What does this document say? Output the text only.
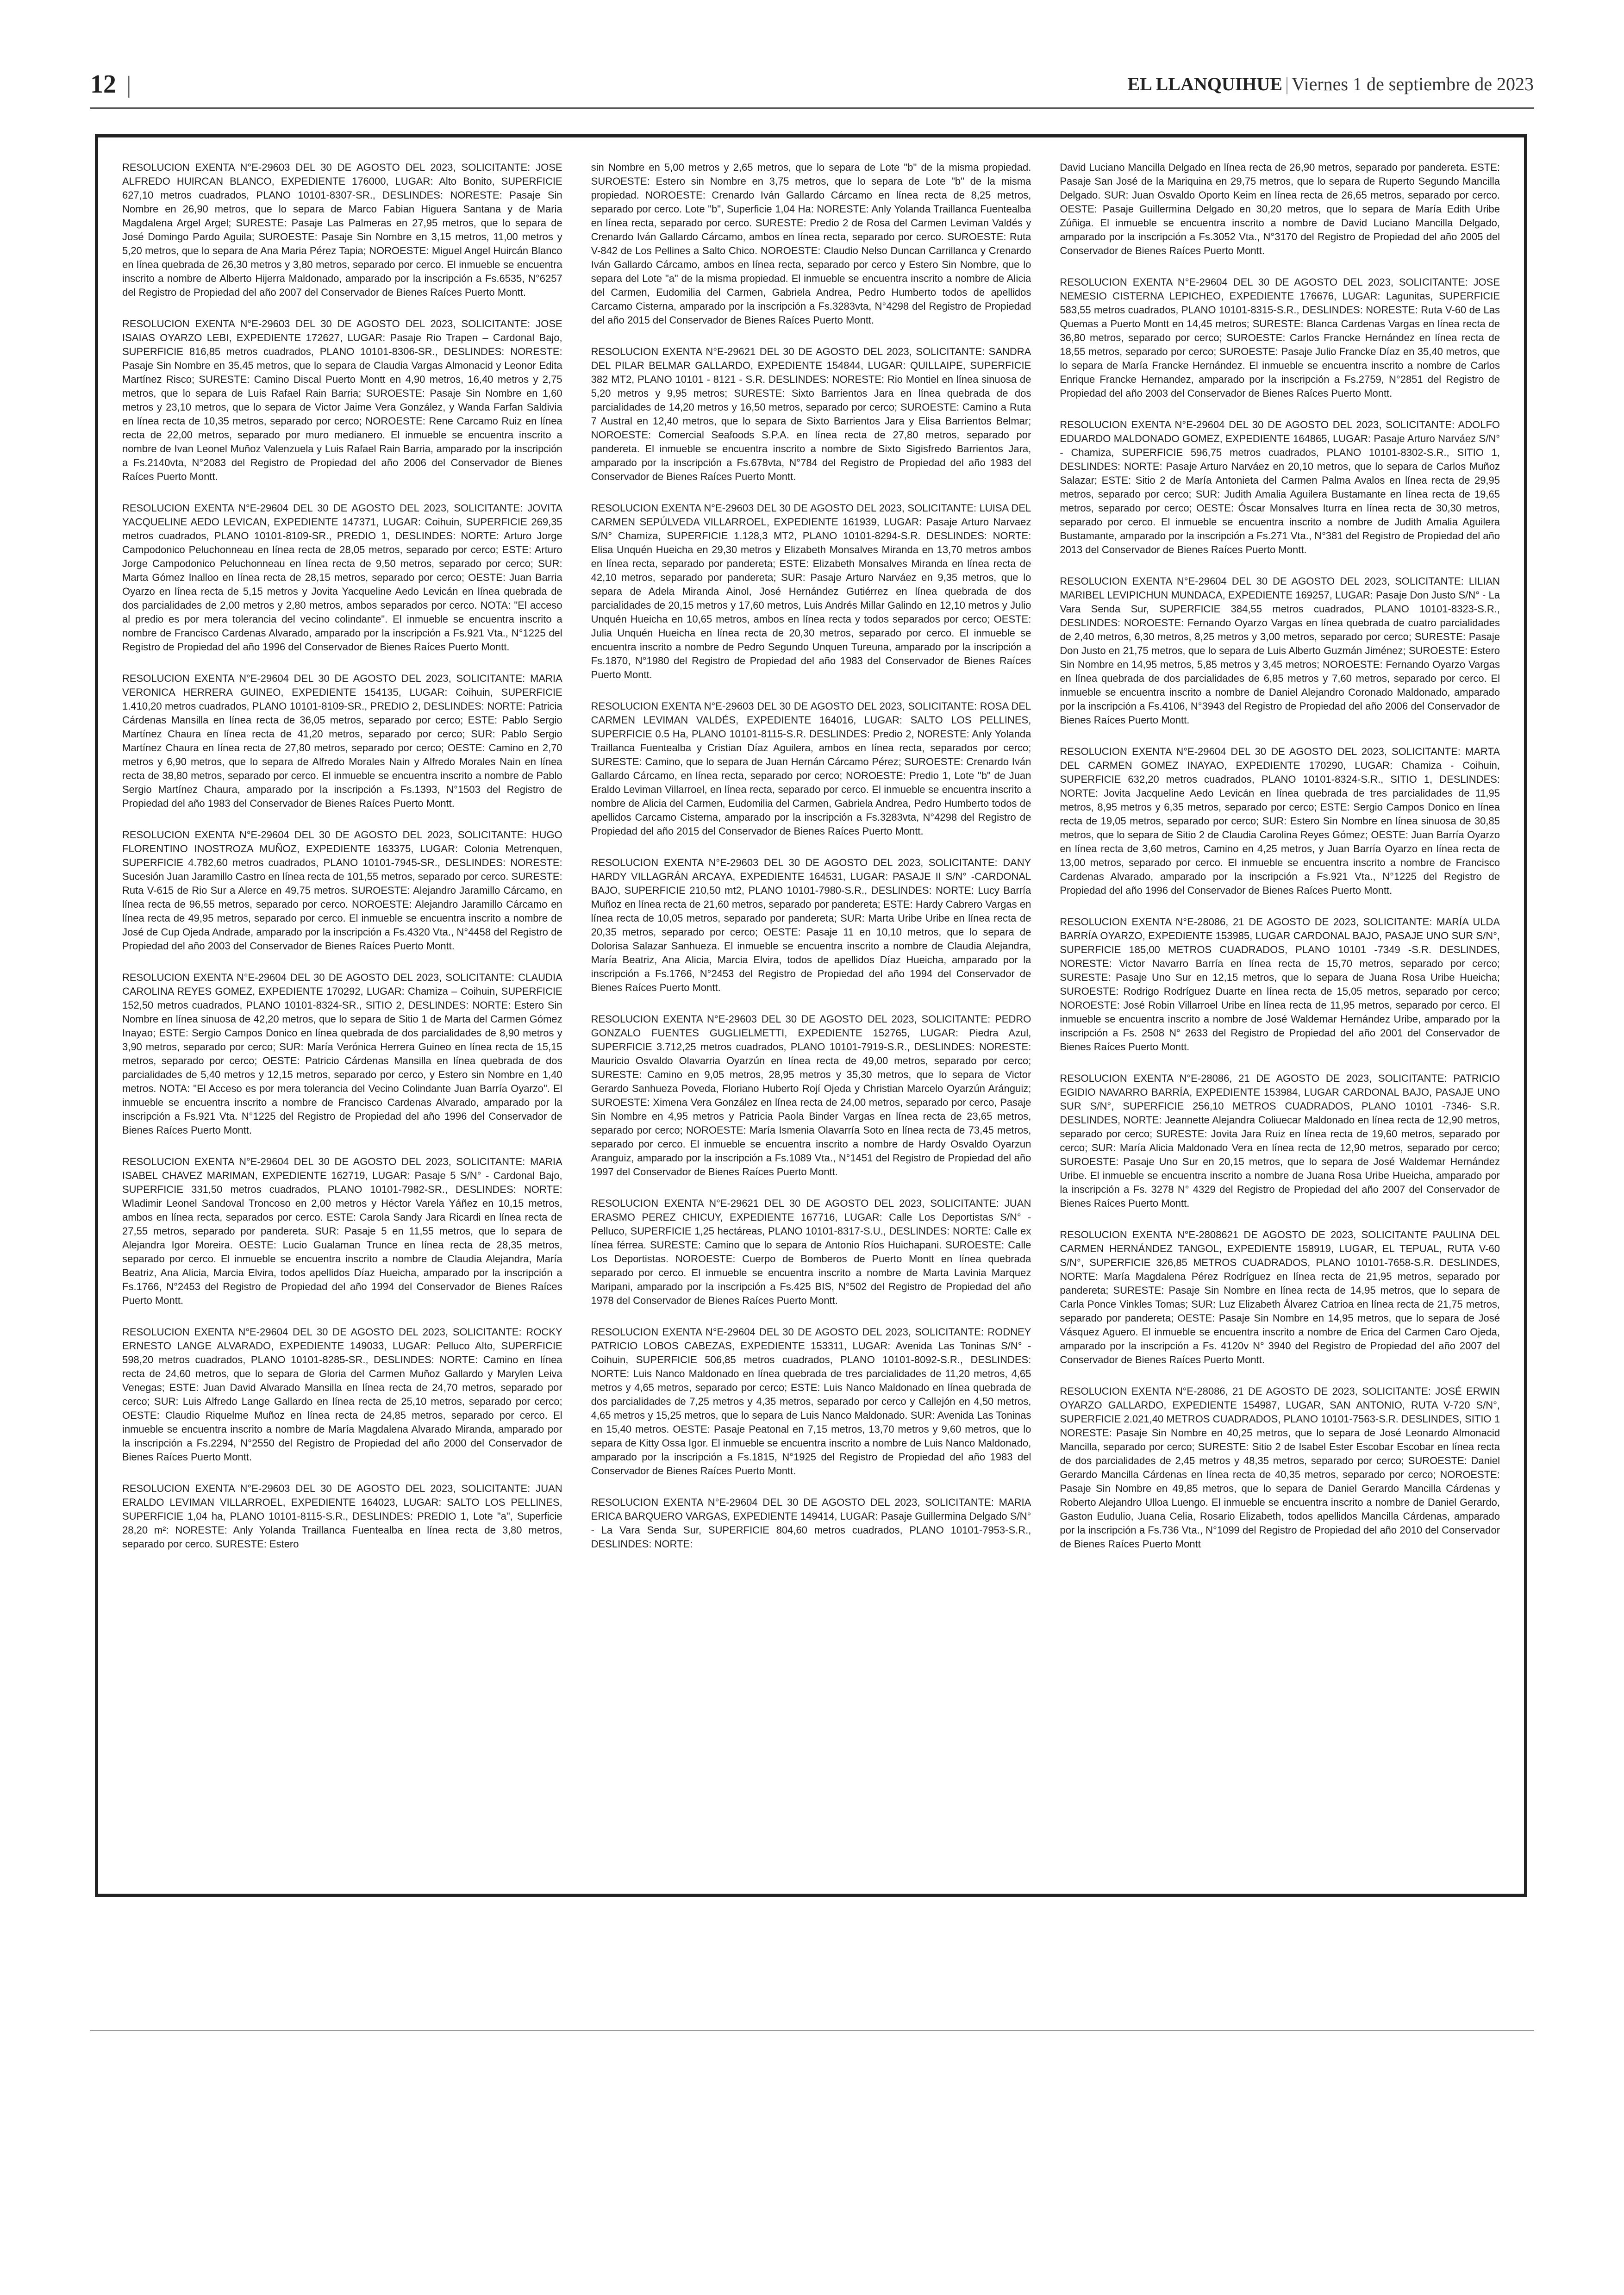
12 |	EL LLANQUIHUE | Viernes 1 de septiembre de 2023

RESOLUCION EXENTA N°E-29603 DEL 30 DE AGOSTO DEL 2023, SOLICITANTE: JOSE ALFREDO HUIRCAN BLANCO, EXPEDIENTE 176000, LUGAR: Alto Bonito, SUPERFICIE 627,10 metros cuadrados, PLANO 10101-8307-SR., DESLINDES: NORESTE: Pasaje Sin Nombre en 26,90 metros, que lo separa de Marco Fabian Higuera Santana y de Maria Magdalena Argel Argel; SURESTE: Pasaje Las Palmeras en 27,95 metros, que lo separa de José Domingo Pardo Aguila; SUROESTE: Pasaje Sin Nombre en 3,15 metros, 11,00 metros y 5,20 metros, que lo separa de Ana Maria Pérez Tapia; NOROESTE: Miguel Angel Huircán Blanco en línea quebrada de 26,30 metros y 3,80 metros, separado por cerco. El inmueble se encuentra inscrito a nombre de Alberto Hijerra Maldonado, amparado por la inscripción a Fs.6535, N°6257 del Registro de Propiedad del año 2007 del Conservador de Bienes Raíces Puerto Montt.

RESOLUCION EXENTA N°E-29603 DEL 30 DE AGOSTO DEL 2023, SOLICITANTE: JOSE ISAIAS OYARZO LEBI, EXPEDIENTE 172627, LUGAR: Pasaje Rio Trapen – Cardonal Bajo, SUPERFICIE 816,85 metros cuadrados, PLANO 10101-8306-SR., DESLINDES: NORESTE: Pasaje Sin Nombre en 35,45 metros, que lo separa de Claudia Vargas Almonacid y Leonor Edita Martínez Risco; SURESTE: Camino Discal Puerto Montt en 4,90 metros, 16,40 metros y 2,75 metros, que lo separa de Luis Rafael Rain Barria; SUROESTE: Pasaje Sin Nombre en 1,60 metros y 23,10 metros, que lo separa de Victor Jaime Vera González, y Wanda Farfan Saldivia en línea recta de 10,35 metros, separado por cerco; NOROESTE: Rene Carcamo Ruiz en línea recta de 22,00 metros, separado por muro medianero. El inmueble se encuentra inscrito a nombre de Ivan Leonel Muñoz Valenzuela y Luis Rafael Rain Barria, amparado por la inscripción a Fs.2140vta, N°2083 del Registro de Propiedad del año 2006 del Conservador de Bienes Raíces Puerto Montt.

RESOLUCION EXENTA N°E-29604 DEL 30 DE AGOSTO DEL 2023, SOLICITANTE: JOVITA YACQUELINE AEDO LEVICAN, EXPEDIENTE 147371, LUGAR: Coihuin, SUPERFICIE 269,35 metros cuadrados, PLANO 10101-8109-SR., PREDIO 1, DESLINDES: NORTE: Arturo Jorge Campodonico Peluchonneau en línea recta de 28,05 metros, separado por cerco; ESTE: Arturo Jorge Campodonico Peluchonneau en línea recta de 9,50 metros, separado por cerco; SUR: Marta Gómez Inalloo en línea recta de 28,15 metros, separado por cerco; OESTE: Juan Barria Oyarzo en línea recta de 5,15 metros y Jovita Yacqueline Aedo Levicán en línea quebrada de dos parcialidades de 2,00 metros y 2,80 metros, ambos separados por cerco. NOTA: "El acceso al predio es por mera tolerancia del vecino colindante". El inmueble se encuentra inscrito a nombre de Francisco Cardenas Alvarado, amparado por la inscripción a Fs.921 Vta., N°1225 del Registro de Propiedad del año 1996 del Conservador de Bienes Raíces Puerto Montt.

RESOLUCION EXENTA N°E-29604 DEL 30 DE AGOSTO DEL 2023, SOLICITANTE: MARIA VERONICA HERRERA GUINEO, EXPEDIENTE 154135, LUGAR: Coihuin, SUPERFICIE 1.410,20 metros cuadrados, PLANO 10101-8109-SR., PREDIO 2, DESLINDES: NORTE: Patricia Cárdenas Mansilla en línea recta de 36,05 metros, separado por cerco; ESTE: Pablo Sergio Martínez Chaura en línea recta de 41,20 metros, separado por cerco; SUR: Pablo Sergio Martínez Chaura en línea recta de 27,80 metros, separado por cerco; OESTE: Camino en 2,70 metros y 6,90 metros, que lo separa de Alfredo Morales Nain y Alfredo Morales Nain en línea recta de 38,80 metros, separado por cerco. El inmueble se encuentra inscrito a nombre de Pablo Sergio Martínez Chaura, amparado por la inscripción a Fs.1393, N°1503 del Registro de Propiedad del año 1983 del Conservador de Bienes Raíces Puerto Montt.

RESOLUCION EXENTA N°E-29604 DEL 30 DE AGOSTO DEL 2023, SOLICITANTE: HUGO FLORENTINO INOSTROZA MUÑOZ, EXPEDIENTE 163375, LUGAR: Colonia Metrenquen, SUPERFICIE 4.782,60 metros cuadrados, PLANO 10101-7945-SR., DESLINDES: NORESTE: Sucesión Juan Jaramillo Castro en línea recta de 101,55 metros, separado por cerco. SURESTE: Ruta V-615 de Rio Sur a Alerce en 49,75 metros. SUROESTE: Alejandro Jaramillo Cárcamo, en línea recta de 96,55 metros, separado por cerco. NOROESTE: Alejandro Jaramillo Cárcamo en línea recta de 49,95 metros, separado por cerco. El inmueble se encuentra inscrito a nombre de José de Cup Ojeda Andrade, amparado por la inscripción a Fs.4320 Vta., N°4458 del Registro de Propiedad del año 2003 del Conservador de Bienes Raíces Puerto Montt.

RESOLUCION EXENTA N°E-29604 DEL 30 DE AGOSTO DEL 2023, SOLICITANTE: CLAUDIA CAROLINA REYES GOMEZ, EXPEDIENTE 170292, LUGAR: Chamiza – Coihuin, SUPERFICIE 152,50 metros cuadrados, PLANO 10101-8324-SR., SITIO 2, DESLINDES: NORTE: Estero Sin Nombre en línea sinuosa de 42,20 metros, que lo separa de Sitio 1 de Marta del Carmen Gómez Inayao; ESTE: Sergio Campos Donico en línea quebrada de dos parcialidades de 8,90 metros y 3,90 metros, separado por cerco; SUR: María Verónica Herrera Guineo en línea recta de 15,15 metros, separado por cerco; OESTE: Patricio Cárdenas Mansilla en línea quebrada de dos parcialidades de 5,40 metros y 12,15 metros, separado por cerco, y Estero sin Nombre en 1,40 metros. NOTA: "El Acceso es por mera tolerancia del Vecino Colindante Juan Barría Oyarzo". El inmueble se encuentra inscrito a nombre de Francisco Cardenas Alvarado, amparado por la inscripción a Fs.921 Vta. N°1225 del Registro de Propiedad del año 1996 del Conservador de Bienes Raíces Puerto Montt.

RESOLUCION EXENTA N°E-29604 DEL 30 DE AGOSTO DEL 2023, SOLICITANTE: MARIA ISABEL CHAVEZ MARIMAN, EXPEDIENTE 162719, LUGAR: Pasaje 5 S/N° - Cardonal Bajo, SUPERFICIE 331,50 metros cuadrados, PLANO 10101-7982-SR., DESLINDES: NORTE: Wladimir Leonel Sandoval Troncoso en 2,00 metros y Héctor Varela Yáñez en 10,15 metros, ambos en línea recta, separados por cerco. ESTE: Carola Sandy Jara Ricardi en línea recta de 27,55 metros, separado por pandereta. SUR: Pasaje 5 en 11,55 metros, que lo separa de Alejandra Igor Moreira. OESTE: Lucio Gualaman Trunce en línea recta de 28,35 metros, separado por cerco. El inmueble se encuentra inscrito a nombre de Claudia Alejandra, María Beatriz, Ana Alicia, Marcia Elvira, todos apellidos Díaz Hueicha, amparado por la inscripción a Fs.1766, N°2453 del Registro de Propiedad del año 1994 del Conservador de Bienes Raíces Puerto Montt.

RESOLUCION EXENTA N°E-29604 DEL 30 DE AGOSTO DEL 2023, SOLICITANTE: ROCKY ERNESTO LANGE ALVARADO, EXPEDIENTE 149033, LUGAR: Pelluco Alto, SUPERFICIE 598,20 metros cuadrados, PLANO 10101-8285-SR., DESLINDES: NORTE: Camino en línea recta de 24,60 metros, que lo separa de Gloria del Carmen Muñoz Gallardo y Marylen Leiva Venegas; ESTE: Juan David Alvarado Mansilla en línea recta de 24,70 metros, separado por cerco; SUR: Luis Alfredo Lange Gallardo en línea recta de 25,10 metros, separado por cerco; OESTE: Claudio Riquelme Muñoz en línea recta de 24,85 metros, separado por cerco. El inmueble se encuentra inscrito a nombre de María Magdalena Alvarado Miranda, amparado por la inscripción a Fs.2294, N°2550 del Registro de Propiedad del año 2000 del Conservador de Bienes Raíces Puerto Montt.

RESOLUCION EXENTA N°E-29603 DEL 30 DE AGOSTO DEL 2023, SOLICITANTE: JUAN ERALDO LEVIMAN VILLARROEL, EXPEDIENTE 164023, LUGAR: SALTO LOS PELLINES, SUPERFICIE 1,04 ha, PLANO 10101-8115-S.R., DESLINDES: PREDIO 1, Lote "a", Superficie 28,20 m²: NORESTE: Anly Yolanda Traillanca Fuentealba en línea recta de 3,80 metros, separado por cerco. SURESTE: Estero

sin Nombre en 5,00 metros y 2,65 metros, que lo separa de Lote "b" de la misma propiedad. SUROESTE: Estero sin Nombre en 3,75 metros, que lo separa de Lote "b" de la misma propiedad. NOROESTE: Crenardo Iván Gallardo Cárcamo en línea recta de 8,25 metros, separado por cerco. Lote "b", Superficie 1,04 Ha: NORESTE: Anly Yolanda Traillanca Fuentealba en línea recta, separado por cerco. SURESTE: Predio 2 de Rosa del Carmen Leviman Valdés y Crenardo Iván Gallardo Cárcamo, ambos en línea recta, separado por cerco. SUROESTE: Ruta V-842 de Los Pellines a Salto Chico. NOROESTE: Claudio Nelso Duncan Carrillanca y Crenardo Iván Gallardo Cárcamo, ambos en línea recta, separado por cerco y Estero Sin Nombre, que lo separa del Lote "a" de la misma propiedad. El inmueble se encuentra inscrito a nombre de Alicia del Carmen, Eudomilia del Carmen, Gabriela Andrea, Pedro Humberto todos de apellidos Carcamo Cisterna, amparado por la inscripción a Fs.3283vta, N°4298 del Registro de Propiedad del año 2015 del Conservador de Bienes Raíces Puerto Montt.

RESOLUCION EXENTA N°E-29621 DEL 30 DE AGOSTO DEL 2023, SOLICITANTE: SANDRA DEL PILAR BELMAR GALLARDO, EXPEDIENTE 154844, LUGAR: QUILLAIPE, SUPERFICIE 382 MT2, PLANO 10101 - 8121 - S.R. DESLINDES: NORESTE: Rio Montiel en línea sinuosa de 5,20 metros y 9,95 metros; SURESTE: Sixto Barrientos Jara en línea quebrada de dos parcialidades de 14,20 metros y 16,50 metros, separado por cerco; SUROESTE: Camino a Ruta 7 Austral en 12,40 metros, que lo separa de Sixto Barrientos Jara y Elisa Barrientos Belmar; NOROESTE: Comercial Seafoods S.P.A. en línea recta de 27,80 metros, separado por pandereta. El inmueble se encuentra inscrito a nombre de Sixto Sigisfredo Barrientos Jara, amparado por la inscripción a Fs.678vta, N°784 del Registro de Propiedad del año 1983 del Conservador de Bienes Raíces Puerto Montt.

RESOLUCION EXENTA N°E-29603 DEL 30 DE AGOSTO DEL 2023, SOLICITANTE: LUISA DEL CARMEN SEPÚLVEDA VILLARROEL, EXPEDIENTE 161939, LUGAR: Pasaje Arturo Narvaez S/N° Chamiza, SUPERFICIE 1.128,3 MT2, PLANO 10101-8294-S.R. DESLINDES: NORTE: Elisa Unquén Hueicha en 29,30 metros y Elizabeth Monsalves Miranda en 13,70 metros ambos en línea recta, separado por pandereta; ESTE: Elizabeth Monsalves Miranda en línea recta de 42,10 metros, separado por pandereta; SUR: Pasaje Arturo Narváez en 9,35 metros, que lo separa de Adela Miranda Ainol, José Hernández Gutiérrez en línea quebrada de dos parcialidades de 20,15 metros y 17,60 metros, Luis Andrés Millar Galindo en 12,10 metros y Julio Unquén Hueicha en 10,65 metros, ambos en línea recta y todos separados por cerco; OESTE: Julia Unquén Hueicha en línea recta de 20,30 metros, separado por cerco. El inmueble se encuentra inscrito a nombre de Pedro Segundo Unquen Tureuna, amparado por la inscripción a Fs.1870, N°1980 del Registro de Propiedad del año 1983 del Conservador de Bienes Raíces Puerto Montt.

RESOLUCION EXENTA N°E-29603 DEL 30 DE AGOSTO DEL 2023, SOLICITANTE: ROSA DEL CARMEN LEVIMAN VALDÉS, EXPEDIENTE 164016, LUGAR: SALTO LOS PELLINES, SUPERFICIE 0.5 Ha, PLANO 10101-8115-S.R. DESLINDES: Predio 2, NORESTE: Anly Yolanda Traillanca Fuentealba y Cristian Díaz Aguilera, ambos en línea recta, separados por cerco; SURESTE: Camino, que lo separa de Juan Hernán Cárcamo Pérez; SUROESTE: Crenardo Iván Gallardo Cárcamo, en línea recta, separado por cerco; NOROESTE: Predio 1, Lote "b" de Juan Eraldo Leviman Villarroel, en línea recta, separado por cerco. El inmueble se encuentra inscrito a nombre de Alicia del Carmen, Eudomilia del Carmen, Gabriela Andrea, Pedro Humberto todos de apellidos Carcamo Cisterna, amparado por la inscripción a Fs.3283vta, N°4298 del Registro de Propiedad del año 2015 del Conservador de Bienes Raíces Puerto Montt.

RESOLUCION EXENTA N°E-29603 DEL 30 DE AGOSTO DEL 2023, SOLICITANTE: DANY HARDY VILLAGRÁN ARCAYA, EXPEDIENTE 164531, LUGAR: PASAJE II S/N° -CARDONAL BAJO, SUPERFICIE 210,50 mt2, PLANO 10101-7980-S.R., DESLINDES: NORTE: Lucy Barría Muñoz en línea recta de 21,60 metros, separado por pandereta; ESTE: Hardy Cabrero Vargas en línea recta de 10,05 metros, separado por pandereta; SUR: Marta Uribe Uribe en línea recta de 20,35 metros, separado por cerco; OESTE: Pasaje 11 en 10,10 metros, que lo separa de Dolorisa Salazar Sanhueza. El inmueble se encuentra inscrito a nombre de Claudia Alejandra, María Beatriz, Ana Alicia, Marcia Elvira, todos de apellidos Díaz Hueicha, amparado por la inscripción a Fs.1766, N°2453 del Registro de Propiedad del año 1994 del Conservador de Bienes Raíces Puerto Montt.

RESOLUCION EXENTA N°E-29603 DEL 30 DE AGOSTO DEL 2023, SOLICITANTE: PEDRO GONZALO FUENTES GUGLIELMETTI, EXPEDIENTE 152765, LUGAR: Piedra Azul, SUPERFICIE 3.712,25 metros cuadrados, PLANO 10101-7919-S.R., DESLINDES: NORESTE: Mauricio Osvaldo Olavarria Oyarzún en línea recta de 49,00 metros, separado por cerco; SURESTE: Camino en 9,05 metros, 28,95 metros y 35,30 metros, que lo separa de Victor Gerardo Sanhueza Poveda, Floriano Huberto Rojí Ojeda y Christian Marcelo Oyarzún Aránguiz; SUROESTE: Ximena Vera González en línea recta de 24,00 metros, separado por cerco, Pasaje Sin Nombre en 4,95 metros y Patricia Paola Binder Vargas en línea recta de 23,65 metros, separado por cerco; NOROESTE: María Ismenia Olavarría Soto en línea recta de 73,45 metros, separado por cerco. El inmueble se encuentra inscrito a nombre de Hardy Osvaldo Oyarzun Aranguiz, amparado por la inscripción a Fs.1089 Vta., N°1451 del Registro de Propiedad del año 1997 del Conservador de Bienes Raíces Puerto Montt.

RESOLUCION EXENTA N°E-29621 DEL 30 DE AGOSTO DEL 2023, SOLICITANTE: JUAN ERASMO PEREZ CHICUY, EXPEDIENTE 167716, LUGAR: Calle Los Deportistas S/N° - Pelluco, SUPERFICIE 1,25 hectáreas, PLANO 10101-8317-S.U., DESLINDES: NORTE: Calle ex línea férrea. SURESTE: Camino que lo separa de Antonio Ríos Huichapani. SUROESTE: Calle Los Deportistas. NOROESTE: Cuerpo de Bomberos de Puerto Montt en línea quebrada separado por cerco. El inmueble se encuentra inscrito a nombre de Marta Lavinia Marquez Maripani, amparado por la inscripción a Fs.425 BIS, N°502 del Registro de Propiedad del año 1978 del Conservador de Bienes Raíces Puerto Montt.

RESOLUCION EXENTA N°E-29604 DEL 30 DE AGOSTO DEL 2023, SOLICITANTE: RODNEY PATRICIO LOBOS CABEZAS, EXPEDIENTE 153311, LUGAR: Avenida Las Toninas S/N° - Coihuin, SUPERFICIE 506,85 metros cuadrados, PLANO 10101-8092-S.R., DESLINDES: NORTE: Luis Nanco Maldonado en línea quebrada de tres parcialidades de 11,20 metros, 4,65 metros y 4,65 metros, separado por cerco; ESTE: Luis Nanco Maldonado en línea quebrada de dos parcialidades de 7,25 metros y 4,35 metros, separado por cerco y Callejón en 4,50 metros, 4,65 metros y 15,25 metros, que lo separa de Luis Nanco Maldonado. SUR: Avenida Las Toninas en 15,40 metros. OESTE: Pasaje Peatonal en 7,15 metros, 13,70 metros y 9,60 metros, que lo separa de Kitty Ossa Igor. El inmueble se encuentra inscrito a nombre de Luis Nanco Maldonado, amparado por la inscripción a Fs.1815, N°1925 del Registro de Propiedad del año 1983 del Conservador de Bienes Raíces Puerto Montt.

RESOLUCION EXENTA N°E-29604 DEL 30 DE AGOSTO DEL 2023, SOLICITANTE: MARIA ERICA BARQUERO VARGAS, EXPEDIENTE 149414, LUGAR: Pasaje Guillermina Delgado S/N° - La Vara Senda Sur, SUPERFICIE 804,60 metros cuadrados, PLANO 10101-7953-S.R., DESLINDES: NORTE:

David Luciano Mancilla Delgado en línea recta de 26,90 metros, separado por pandereta. ESTE: Pasaje San José de la Mariquina en 29,75 metros, que lo separa de Ruperto Segundo Mancilla Delgado. SUR: Juan Osvaldo Oporto Keim en línea recta de 26,65 metros, separado por cerco. OESTE: Pasaje Guillermina Delgado en 30,20 metros, que lo separa de María Edith Uribe Zúñiga. El inmueble se encuentra inscrito a nombre de David Luciano Mancilla Delgado, amparado por la inscripción a Fs.3052 Vta., N°3170 del Registro de Propiedad del año 2005 del Conservador de Bienes Raíces Puerto Montt.

RESOLUCION EXENTA N°E-29604 DEL 30 DE AGOSTO DEL 2023, SOLICITANTE: JOSE NEMESIO CISTERNA LEPICHEO, EXPEDIENTE 176676, LUGAR: Lagunitas, SUPERFICIE 583,55 metros cuadrados, PLANO 10101-8315-S.R., DESLINDES: NORESTE: Ruta V-60 de Las Quemas a Puerto Montt en 14,45 metros; SURESTE: Blanca Cardenas Vargas en línea recta de 36,80 metros, separado por cerco; SUROESTE: Carlos Francke Hernández en línea recta de 18,55 metros, separado por cerco; SUROESTE: Pasaje Julio Francke Díaz en 35,40 metros, que lo separa de María Francke Hernández. El inmueble se encuentra inscrito a nombre de Carlos Enrique Francke Hernandez, amparado por la inscripción a Fs.2759, N°2851 del Registro de Propiedad del año 2003 del Conservador de Bienes Raíces Puerto Montt.

RESOLUCION EXENTA N°E-29604 DEL 30 DE AGOSTO DEL 2023, SOLICITANTE: ADOLFO EDUARDO MALDONADO GOMEZ, EXPEDIENTE 164865, LUGAR: Pasaje Arturo Narváez S/N° - Chamiza, SUPERFICIE 596,75 metros cuadrados, PLANO 10101-8302-S.R., SITIO 1, DESLINDES: NORTE: Pasaje Arturo Narváez en 20,10 metros, que lo separa de Carlos Muñoz Salazar; ESTE: Sitio 2 de María Antonieta del Carmen Palma Avalos en línea recta de 29,95 metros, separado por cerco; SUR: Judith Amalia Aguilera Bustamante en línea recta de 19,65 metros, separado por cerco; OESTE: Óscar Monsalves Iturra en línea recta de 30,30 metros, separado por cerco. El inmueble se encuentra inscrito a nombre de Judith Amalia Aguilera Bustamante, amparado por la inscripción a Fs.271 Vta., N°381 del Registro de Propiedad del año 2013 del Conservador de Bienes Raíces Puerto Montt.

RESOLUCION EXENTA N°E-29604 DEL 30 DE AGOSTO DEL 2023, SOLICITANTE: LILIAN MARIBEL LEVIPICHUN MUNDACA, EXPEDIENTE 169257, LUGAR: Pasaje Don Justo S/N° - La Vara Senda Sur, SUPERFICIE 384,55 metros cuadrados, PLANO 10101-8323-S.R., DESLINDES: NOROESTE: Fernando Oyarzo Vargas en línea quebrada de cuatro parcialidades de 2,40 metros, 6,30 metros, 8,25 metros y 3,00 metros, separado por cerco; SURESTE: Pasaje Don Justo en 21,75 metros, que lo separa de Luis Alberto Guzmán Jiménez; SUROESTE: Estero Sin Nombre en 14,95 metros, 5,85 metros y 3,45 metros; NOROESTE: Fernando Oyarzo Vargas en línea quebrada de dos parcialidades de 6,85 metros y 7,60 metros, separado por cerco. El inmueble se encuentra inscrito a nombre de Daniel Alejandro Coronado Maldonado, amparado por la inscripción a Fs.4106, N°3943 del Registro de Propiedad del año 2006 del Conservador de Bienes Raíces Puerto Montt.

RESOLUCION EXENTA N°E-29604 DEL 30 DE AGOSTO DEL 2023, SOLICITANTE: MARTA DEL CARMEN GOMEZ INAYAO, EXPEDIENTE 170290, LUGAR: Chamiza - Coihuin, SUPERFICIE 632,20 metros cuadrados, PLANO 10101-8324-S.R., SITIO 1, DESLINDES: NORTE: Jovita Jacqueline Aedo Levicán en línea quebrada de tres parcialidades de 11,95 metros, 8,95 metros y 6,35 metros, separado por cerco; ESTE: Sergio Campos Donico en línea recta de 19,05 metros, separado por cerco; SUR: Estero Sin Nombre en línea sinuosa de 30,85 metros, que lo separa de Sitio 2 de Claudia Carolina Reyes Gómez; OESTE: Juan Barría Oyarzo en línea recta de 3,60 metros, Camino en 4,25 metros, y Juan Barría Oyarzo en línea recta de 13,00 metros, separado por cerco. El inmueble se encuentra inscrito a nombre de Francisco Cardenas Alvarado, amparado por la inscripción a Fs.921 Vta., N°1225 del Registro de Propiedad del año 1996 del Conservador de Bienes Raíces Puerto Montt.

RESOLUCION EXENTA N°E-28086, 21 DE AGOSTO DE 2023, SOLICITANTE: MARÍA ULDA BARRÍA OYARZO, EXPEDIENTE 153985, LUGAR CARDONAL BAJO, PASAJE UNO SUR S/N°, SUPERFICIE 185,00 METROS CUADRADOS, PLANO 10101 -7349 -S.R. DESLINDES, NORESTE: Victor Navarro Barría en línea recta de 15,70 metros, separado por cerco; SURESTE: Pasaje Uno Sur en 12,15 metros, que lo separa de Juana Rosa Uribe Hueicha; SUROESTE: Rodrigo Rodríguez Duarte en línea recta de 15,05 metros, separado por cerco; NOROESTE: José Robin Villarroel Uribe en línea recta de 11,95 metros, separado por cerco. El inmueble se encuentra inscrito a nombre de José Waldemar Hernández Uribe, amparado por la inscripción a Fs. 2508 N° 2633 del Registro de Propiedad del año 2001 del Conservador de Bienes Raíces Puerto Montt.

RESOLUCION EXENTA N°E-28086, 21 DE AGOSTO DE 2023, SOLICITANTE: PATRICIO EGIDIO NAVARRO BARRÍA, EXPEDIENTE 153984, LUGAR CARDONAL BAJO, PASAJE UNO SUR S/N°, SUPERFICIE 256,10 METROS CUADRADOS, PLANO 10101 -7346- S.R. DESLINDES, NORTE: Jeannette Alejandra Coliuecar Maldonado en línea recta de 12,90 metros, separado por cerco; SURESTE: Jovita Jara Ruiz en línea recta de 19,60 metros, separado por cerco; SUR: María Alicia Maldonado Vera en línea recta de 12,90 metros, separado por cerco; SUROESTE: Pasaje Uno Sur en 20,15 metros, que lo separa de José Waldemar Hernández Uribe. El inmueble se encuentra inscrito a nombre de Juana Rosa Uribe Hueicha, amparado por la inscripción a Fs. 3278 N° 4329 del Registro de Propiedad del año 2007 del Conservador de Bienes Raíces Puerto Montt.

RESOLUCION EXENTA N°E-2808621 DE AGOSTO DE 2023, SOLICITANTE PAULINA DEL CARMEN HERNÁNDEZ TANGOL, EXPEDIENTE 158919, LUGAR, EL TEPUAL, RUTA V-60 S/N°, SUPERFICIE 326,85 METROS CUADRADOS, PLANO 10101-7658-S.R. DESLINDES, NORTE: María Magdalena Pérez Rodríguez en línea recta de 21,95 metros, separado por pandereta; SURESTE: Pasaje Sin Nombre en línea recta de 14,95 metros, que lo separa de Carla Ponce Vinkles Tomas; SUR: Luz Elizabeth Álvarez Catrioa en línea recta de 21,75 metros, separado por pandereta; OESTE: Pasaje Sin Nombre en 14,95 metros, que lo separa de José Vásquez Aguero. El inmueble se encuentra inscrito a nombre de Erica del Carmen Caro Ojeda, amparado por la inscripción a Fs. 4120v N° 3940 del Registro de Propiedad del año 2007 del Conservador de Bienes Raíces Puerto Montt.

RESOLUCION EXENTA N°E-28086, 21 DE AGOSTO DE 2023, SOLICITANTE: JOSÉ ERWIN OYARZO GALLARDO, EXPEDIENTE 154987, LUGAR, SAN ANTONIO, RUTA V-720 S/N°, SUPERFICIE 2.021,40 METROS CUADRADOS, PLANO 10101-7563-S.R. DESLINDES, SITIO 1 NORESTE: Pasaje Sin Nombre en 40,25 metros, que lo separa de José Leonardo Almonacid Mancilla, separado por cerco; SURESTE: Sitio 2 de Isabel Ester Escobar Escobar en línea recta de dos parcialidades de 2,45 metros y 48,35 metros, separado por cerco; SUROESTE: Daniel Gerardo Mancilla Cárdenas en línea recta de 40,35 metros, separado por cerco; NOROESTE: Pasaje Sin Nombre en 49,85 metros, que lo separa de Daniel Gerardo Mancilla Cárdenas y Roberto Alejandro Ulloa Luengo. El inmueble se encuentra inscrito a nombre de Daniel Gerardo, Gaston Eudulio, Juana Celia, Rosario Elizabeth, todos apellidos Mancilla Cárdenas, amparado por la inscripción a Fs.736 Vta., N°1099 del Registro de Propiedad del año 2010 del Conservador de Bienes Raíces Puerto Montt
